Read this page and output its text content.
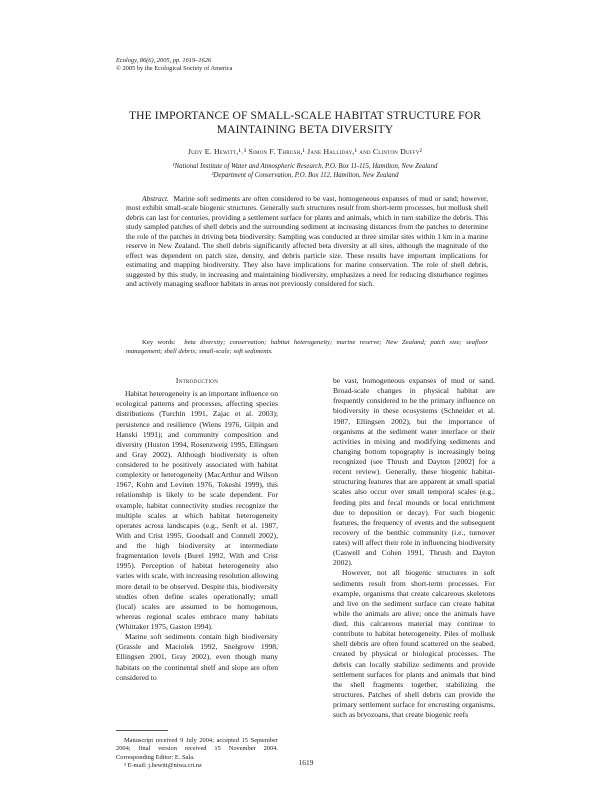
Ecology, 86(6), 2005, pp. 1619–1626
© 2005 by the Ecological Society of America
THE IMPORTANCE OF SMALL-SCALE HABITAT STRUCTURE FOR
MAINTAINING BETA DIVERSITY
Judy E. Hewitt,¹˒³ Simon F. Thrush,¹ Jane Halliday,¹ and Clinton Duffy²
¹National Institute of Water and Atmospheric Research, P.O. Box 11-115, Hamilton, New Zealand
²Department of Conservation, P.O. Box 112, Hamilton, New Zealand

Abstract. Marine soft sediments are often considered to be vast, homogeneous expanses of mud or sand; however, most exhibit small-scale biogenic structures. Generally such structures result from short-term processes, but mollusk shell debris can last for centuries, providing a settlement surface for plants and animals, which in turn stabilize the debris. This study sampled patches of shell debris and the surrounding sediment at increasing distances from the patches to determine the role of the patches in driving beta biodiversity. Sampling was conducted at three similar sites within 1 km in a marine reserve in New Zealand. The shell debris significantly affected beta diversity at all sites, although the magnitude of the effect was dependent on patch size, density, and debris particle size. These results have important implications for estimating and mapping biodiversity. They also have implications for marine conservation. The role of shell debris, suggested by this study, in increasing and maintaining biodiversity, emphasizes a need for reducing disturbance regimes and actively managing seafloor habitats in areas not previously considered for such.

Key words: beta diversity; conservation; habitat heterogeneity; marine reserve; New Zealand; patch size; seafloor management; shell debris; small-scale; soft sediments.
Introduction

Habitat heterogeneity is an important influence on ecological patterns and processes, affecting species distributions (Turchin 1991, Zajac et al. 2003); persistence and resilience (Wiens 1976, Gilpin and Hanski 1991); and community composition and diversity (Huston 1994, Rosenzweig 1995, Ellingsen and Gray 2002). Although biodiversity is often considered to be positively associated with habitat complexity or heterogeneity (MacArthur and Wilson 1967, Kohn and Leviten 1976, Tokeshi 1999), this relationship is likely to be scale dependent. For example, habitat connectivity studies recognize the multiple scales at which habitat heterogeneity operates across landscapes (e.g., Senft et al. 1987, With and Crist 1995, Goodsall and Connell 2002), and the high biodiversity at intermediate fragmentation levels (Burel 1992, With and Crist 1995). Perception of habitat heterogeneity also varies with scale, with increasing resolution allowing more detail to be observed. Despite this, biodiversity studies often define scales operationally; small (local) scales are assumed to be homogenous, whereas regional scales embrace many habitats (Whittaker 1975, Gaston 1994).

Marine soft sediments contain high biodiversity (Grassle and Maciolek 1992, Snelgrove 1998, Ellingsen 2001, Gray 2002), even though many habitats on the continental shelf and slope are often considered to

Manuscript received 9 July 2004; accepted 15 September 2004; final version received 15 November 2004. Corresponding Editor: E. Sala.

³ E-mail: j.hewitt@niwa.cri.nz

be vast, homogeneous expanses of mud or sand. Broad-scale changes in physical habitat are frequently considered to be the primary influence on biodiversity in these ecosystems (Schneider et al. 1987, Ellingsen 2002), but the importance of organisms at the sediment water interface or their activities in mixing and modifying sediments and changing bottom topography is increasingly being recognized (see Thrush and Dayton [2002] for a recent review). Generally, these biogenic habitat-structuring features that are apparent at small spatial scales also occur over small temporal scales (e.g., feeding pits and fecal mounds or local enrichment due to deposition or decay). For such biogenic features, the frequency of events and the subsequent recovery of the benthic community (i.e., turnover rates) will affect their role in influencing biodiversity (Caswell and Cohen 1991, Thrush and Dayton 2002).

However, not all biogenic structures in soft sediments result from short-term processes. For example, organisms that create calcareous skeletons and live on the sediment surface can create habitat while the animals are alive; once the animals have died, this calcareous material may continue to contribute to habitat heterogeneity. Piles of mollusk shell debris are often found scattered on the seabed, created by physical or biological processes. The debris can locally stabilize sediments and provide settlement surfaces for plants and animals that bind the shell fragments together, stabilizing the structures. Patches of shell debris can provide the primary settlement surface for encrusting organisms, such as bryozoans, that create biogenic reefs

1619
